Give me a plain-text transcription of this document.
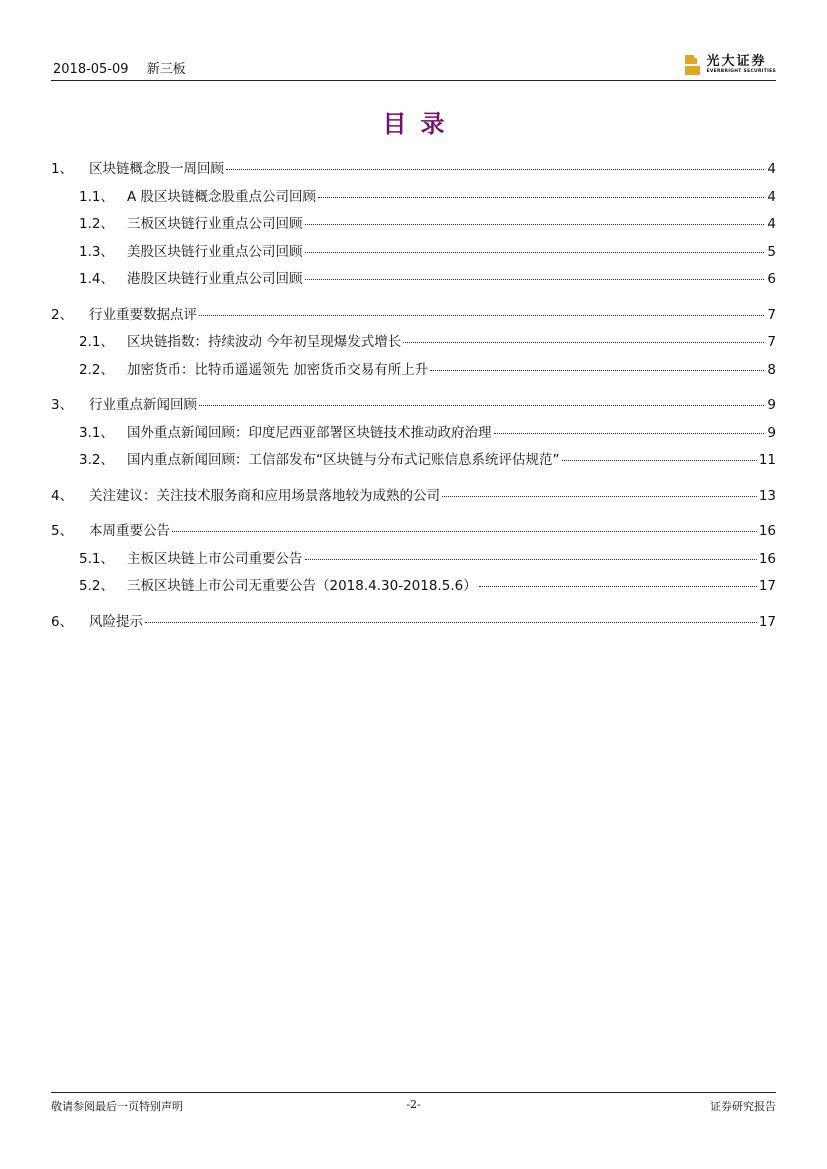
2018-05-09 新三板
光大证券
EVERBRIGHT SECURITIES
目录
1、	区块链概念股一周回顾	4
1.1、 A 股区块链概念股重点公司回顾	4
1.2、 三板区块链行业重点公司回顾	4
1.3、 美股区块链行业重点公司回顾	5
1.4、 港股区块链行业重点公司回顾	6
2、	行业重要数据点评	7
2.1、 区块链指数：持续波动 今年初呈现爆发式增长	7
2.2、 加密货币：比特币遥遥领先 加密货币交易有所上升	8
3、	行业重点新闻回顾	9
3.1、 国外重点新闻回顾：印度尼西亚部署区块链技术推动政府治理	9
3.2、 国内重点新闻回顾：工信部发布“区块链与分布式记账信息系统评估规范”	11
4、	关注建议：关注技术服务商和应用场景落地较为成熟的公司	13
5、	本周重要公告	16
5.1、 主板区块链上市公司重要公告	16
5.2、 三板区块链上市公司无重要公告（2018.4.30-2018.5.6）	17
6、	风险提示	17
敬请参阅最后一页特别声明	-2-	证券研究报告
